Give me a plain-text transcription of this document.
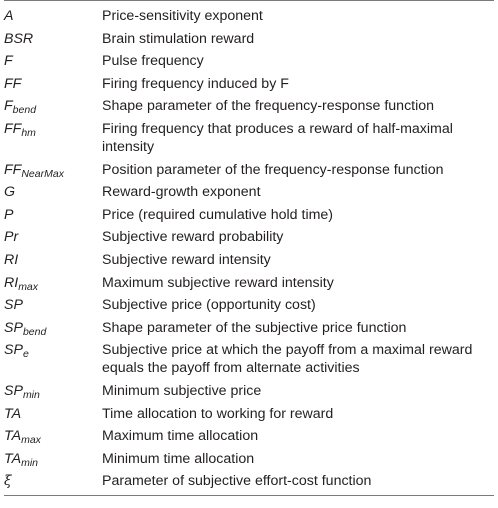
A	Price-sensitivity exponent
BSR	Brain stimulation reward
F	Pulse frequency
FF	Firing frequency induced by F
$F_{bend}$	Shape parameter of the frequency-response function
$FF_{hm}$	Firing frequency that produces a reward of half-maximal intensity
$FF_{NearMax}$	Position parameter of the frequency-response function
G	Reward-growth exponent
P	Price (required cumulative hold time)
Pr	Subjective reward probability
RI	Subjective reward intensity
$RI_{max}$	Maximum subjective reward intensity
SP	Subjective price (opportunity cost)
$SP_{bend}$	Shape parameter of the subjective price function
$SP_e$	Subjective price at which the payoff from a maximal reward equals the payoff from alternate activities
$SP_{min}$	Minimum subjective price
TA	Time allocation to working for reward
$TA_{max}$	Maximum time allocation
$TA_{min}$	Minimum time allocation
ξ	Parameter of subjective effort-cost function
